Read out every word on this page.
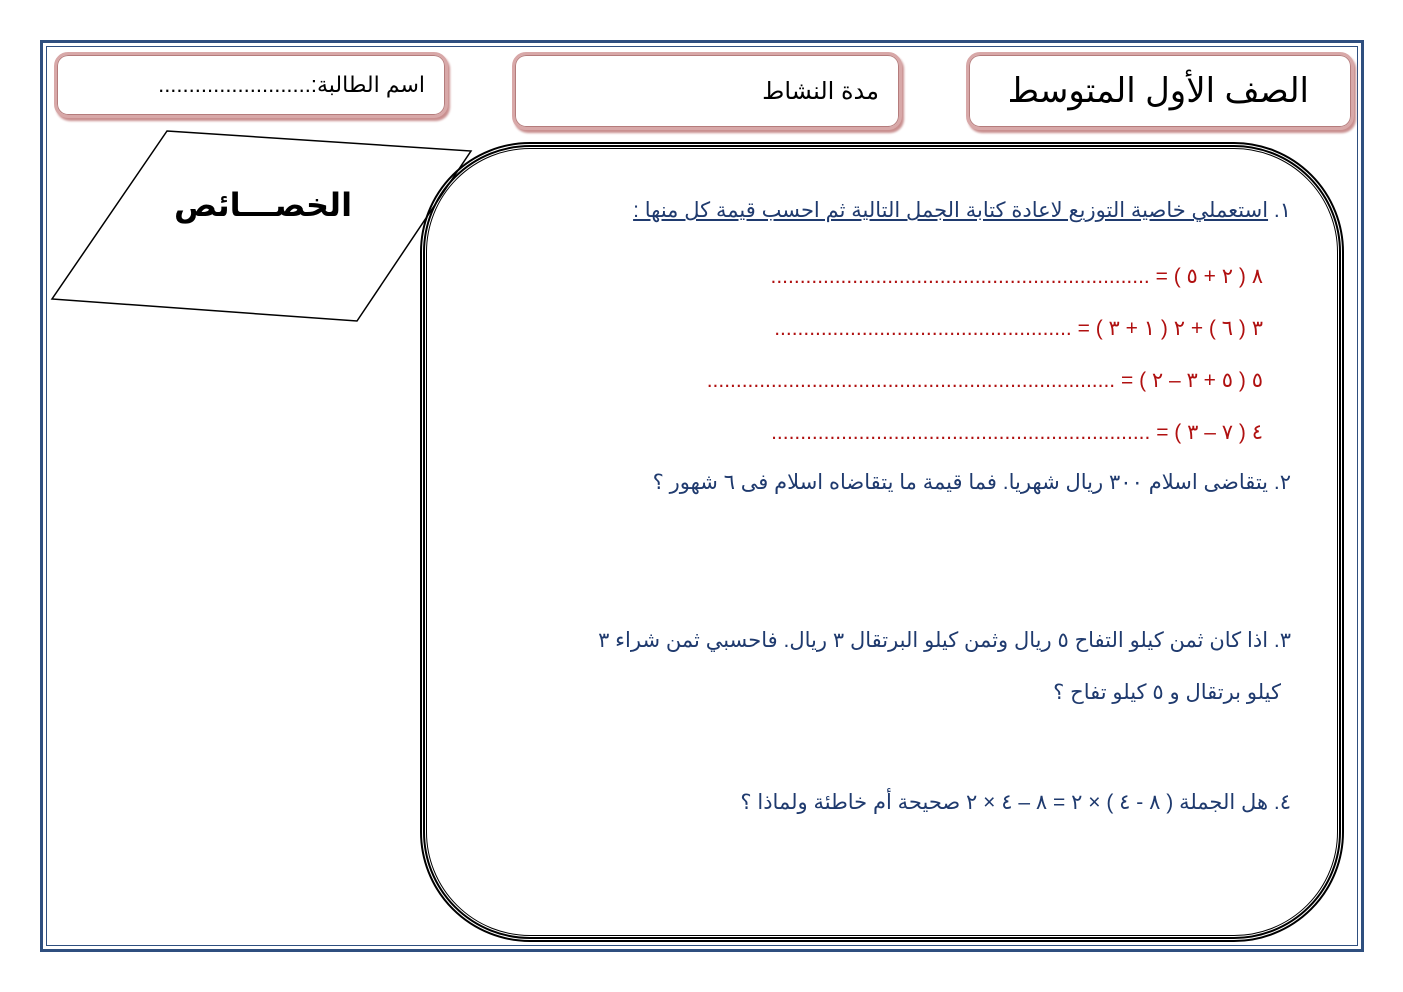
الصف الأول المتوسط
مدة النشاط
اسم الطالبة:.........................
الخصـــائص	١. استعملي خاصية التوزيع لاعادة كتابة الجمل التالية ثم احسب قيمة كل منها :
٨ ( ٢ + ٥ ) = .................................................................
٣ ( ٦ ) + ٢ ( ١ + ٣ ) = ...................................................
٥ ( ٥ + ٣ – ٢ ) = ......................................................................
٤ ( ٧ – ٣ ) = .................................................................
٢. يتقاضى اسلام ٣٠٠ ريال شهريا. فما قيمة ما يتقاضاه اسلام فى ٦ شهور ؟
٣. اذا كان ثمن كيلو التفاح ٥ ريال وثمن كيلو البرتقال ٣ ريال. فاحسبي ثمن شراء ٣
كيلو برتقال و ٥ كيلو تفاح ؟
٤. هل الجملة ( ٨ - ٤ ) × ٢ = ٨ – ٤ × ٢ صحيحة أم خاطئة ولماذا ؟
